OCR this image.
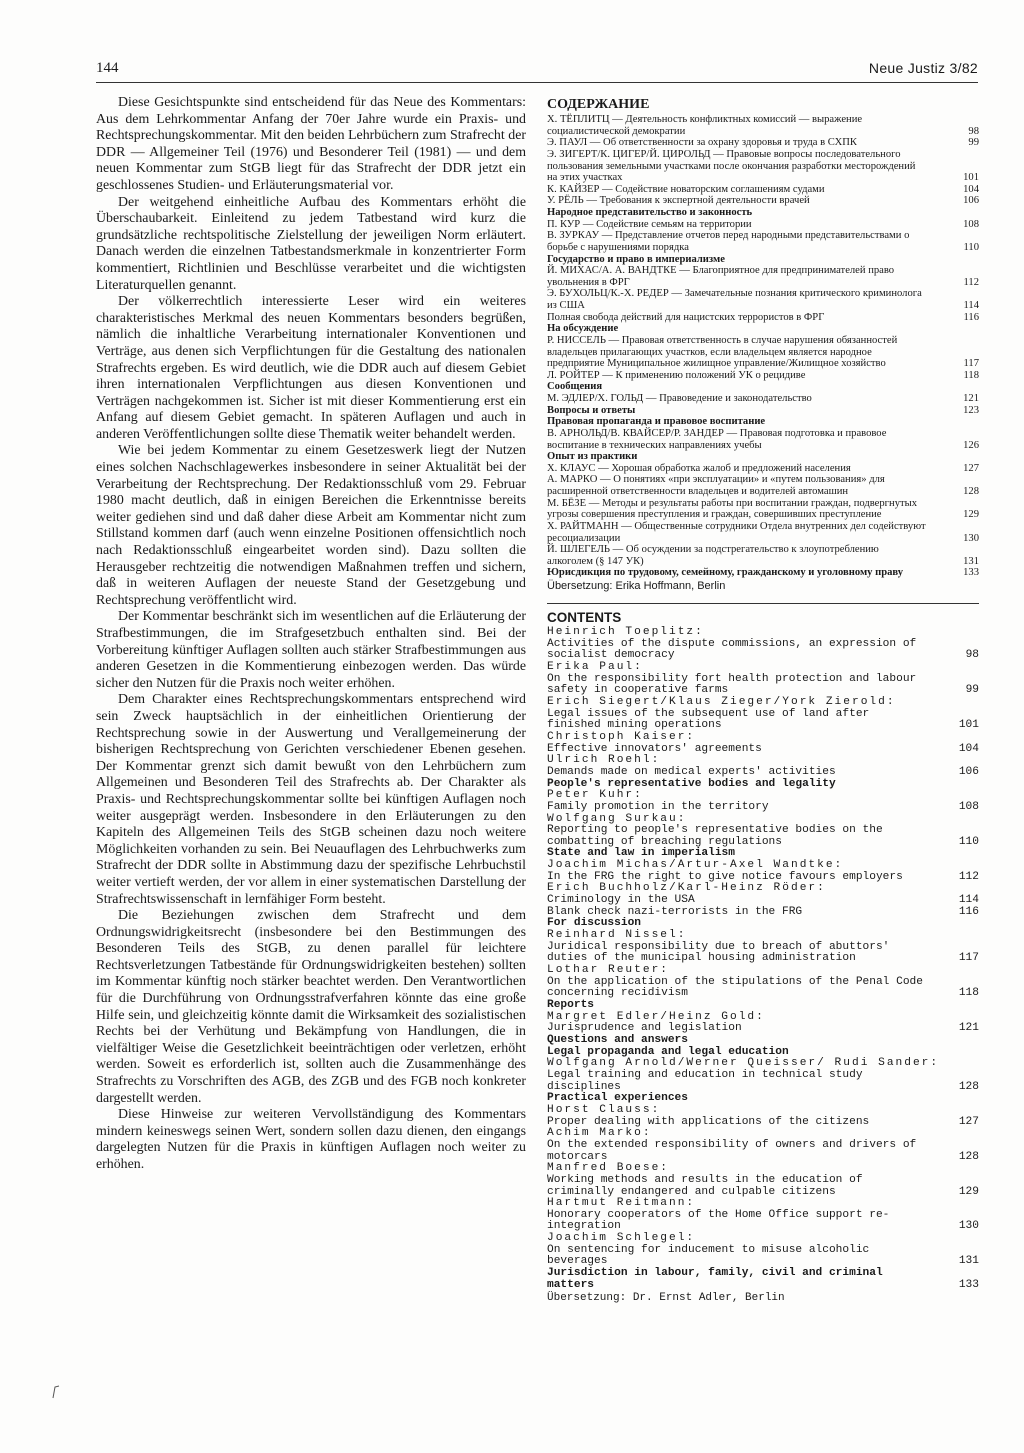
144	Neue Justiz 3/82

Diese Gesichtspunkte sind entscheidend für das Neue des Kommentars: Aus dem Lehrkommentar Anfang der 70er Jahre wurde ein Praxis- und Rechtsprechungskommentar. Mit den beiden Lehrbüchern zum Strafrecht der DDR — Allgemeiner Teil (1976) und Besonderer Teil (1981) — und dem neuen Kommentar zum StGB liegt für das Strafrecht der DDR jetzt ein geschlossenes Studien- und Erläuterungsmaterial vor.

Der weitgehend einheitliche Aufbau des Kommentars erhöht die Überschaubarkeit. Einleitend zu jedem Tatbestand wird kurz die grundsätzliche rechtspolitische Zielstellung der jeweiligen Norm erläutert. Danach werden die einzelnen Tatbestandsmerkmale in konzentrierter Form kommentiert, Richtlinien und Beschlüsse verarbeitet und die wichtigsten Literaturquellen genannt.

Der völkerrechtlich interessierte Leser wird ein weiteres charakteristisches Merkmal des neuen Kommentars besonders begrüßen, nämlich die inhaltliche Verarbeitung internationaler Konventionen und Verträge, aus denen sich Verpflichtungen für die Gestaltung des nationalen Strafrechts ergeben. Es wird deutlich, wie die DDR auch auf diesem Gebiet ihren internationalen Verpflichtungen aus diesen Konventionen und Verträgen nachgekommen ist. Sicher ist mit dieser Kommentierung erst ein Anfang auf diesem Gebiet gemacht. In späteren Auflagen und auch in anderen Veröffentlichungen sollte diese Thematik weiter behandelt werden.

Wie bei jedem Kommentar zu einem Gesetzeswerk liegt der Nutzen eines solchen Nachschlagewerkes insbesondere in seiner Aktualität bei der Verarbeitung der Rechtsprechung. Der Redaktionsschluß vom 29. Februar 1980 macht deutlich, daß in einigen Bereichen die Erkenntnisse bereits weiter gediehen sind und daß daher diese Arbeit am Kommentar nicht zum Stillstand kommen darf (auch wenn einzelne Positionen offensichtlich noch nach Redaktionsschluß eingearbeitet worden sind). Dazu sollten die Herausgeber rechtzeitig die notwendigen Maßnahmen treffen und sichern, daß in weiteren Auflagen der neueste Stand der Gesetzgebung und Rechtsprechung veröffentlicht wird.

Der Kommentar beschränkt sich im wesentlichen auf die Erläuterung der Strafbestimmungen, die im Strafgesetzbuch enthalten sind. Bei der Vorbereitung künftiger Auflagen sollten auch stärker Strafbestimmungen aus anderen Gesetzen in die Kommentierung einbezogen werden. Das würde sicher den Nutzen für die Praxis noch weiter erhöhen.

Dem Charakter eines Rechtsprechungskommentars entsprechend wird sein Zweck hauptsächlich in der einheitlichen Orientierung der Rechtsprechung sowie in der Auswertung und Verallgemeinerung der bisherigen Rechtsprechung von Gerichten verschiedener Ebenen gesehen. Der Kommentar grenzt sich damit bewußt von den Lehrbüchern zum Allgemeinen und Besonderen Teil des Strafrechts ab. Der Charakter als Praxis- und Rechtsprechungskommentar sollte bei künftigen Auflagen noch weiter ausgeprägt werden. Insbesondere in den Erläuterungen zu den Kapiteln des Allgemeinen Teils des StGB scheinen dazu noch weitere Möglichkeiten vorhanden zu sein. Bei Neuauflagen des Lehrbuchwerks zum Strafrecht der DDR sollte in Abstimmung dazu der spezifische Lehrbuchstil weiter vertieft werden, der vor allem in einer systematischen Darstellung der Strafrechtswissenschaft in lernfähiger Form besteht.

Die Beziehungen zwischen dem Strafrecht und dem Ordnungswidrigkeitsrecht (insbesondere bei den Bestimmungen des Besonderen Teils des StGB, zu denen parallel für leichtere Rechtsverletzungen Tatbestände für Ordnungswidrigkeiten bestehen) sollten im Kommentar künftig noch stärker beachtet werden. Den Verantwortlichen für die Durchführung von Ordnungsstrafverfahren könnte das eine große Hilfe sein, und gleichzeitig könnte damit die Wirksamkeit des sozialistischen Rechts bei der Verhütung und Bekämpfung von Handlungen, die in vielfältiger Weise die Gesetzlichkeit beeinträchtigen oder verletzen, erhöht werden. Soweit es erforderlich ist, sollten auch die Zusammenhänge des Strafrechts zu Vorschriften des AGB, des ZGB und des FGB noch konkreter dargestellt werden.

Diese Hinweise zur weiteren Vervollständigung des Kommentars mindern keineswegs seinen Wert, sondern sollen dazu dienen, den eingangs dargelegten Nutzen für die Praxis in künftigen Auflagen noch weiter zu erhöhen.

СОДЕРЖАНИЕ
X. ТЁПЛИТЦ — Деятельность конфликтных комиссий — выражение социалистической демократии	98
Э. ПАУЛ — Об ответственности за охрану здоровья и труда в СХПК	99
Э. ЗИГЕРТ/К. ЦИГЕР/Й. ЦИРОЛЬД — Правовые вопросы последовательного пользования земельными участками после окончания разработки месторождений на этих участках	101
К. КАЙЗЕР — Содействие новаторским соглашениям судами	104
У. РЁЛЬ — Требования к экспертной деятельности врачей	106
Народное представительство и законность
П. КУР — Содействие семьям на территории	108
В. ЗУРКАУ — Представление отчетов перед народными представительствами о борьбе с нарушениями порядка	110
Государство и право в империализме
Й. МИХАС/А. А. ВАНДТКЕ — Благоприятное для предпринимателей право увольнения в ФРГ	112
Э. БУХОЛЬЦ/К.-Х. РЕДЕР — Замечательные познания критического криминолога из США	114
Полная свобода действий для нацистских террористов в ФРГ	116
На обсуждение
Р. НИССЕЛЬ — Правовая ответственность в случае нарушения обязанностей владельцев прилагающих участков, если владельцем является народное предприятие Муниципальное жилищное управление/Жилищное хозяйство	117
Л. РОЙТЕР — К применению положений УК о рецидиве	118
Сообщения
М. ЭДЛЕР/Х. ГОЛЬД — Правоведение и законодательство	121
Вопросы и ответы	123
Правовая пропаганда и правовое воспитание
В. АРНОЛЬД/В. КВАЙСЕР/Р. ЗАНДЕР — Правовая подготовка и правовое воспитание в технических направлениях учебы	126
Опыт из практики
X. КЛАУС — Хорошая обработка жалоб и предложений населения	127
А. МАРКО — О понятиях «при эксплуатации» и «путем пользования» для расширенной ответственности владельцев и водителей автомашин	128
М. БЁЗЕ — Методы и результаты работы при воспитании граждан, подвергнутых угрозы совершения преступления и граждан, совершивших преступление	129
X. РАЙТМАНН — Общественные сотрудники Отдела внутренних дел содействуют ресоциализации	130
Й. ШЛЕГЕЛЬ — Об осуждении за подстрегательство к злоупотреблению алкоголем (§ 147 УК)	131
Юрисдикция по трудовому, семейному, гражданскому и уголовному праву	133
Übersetzung: Erika Hoffmann, Berlin
CONTENTS
Heinrich Toeplitz:
Activities of the dispute commissions, an expression of socialist democracy	98
Erika Paul:
On the responsibility fort health protection and labour safety in cooperative farms	99
Erich Siegert/Klaus Zieger/York Zierold:
Legal issues of the subsequent use of land after finished mining operations	101
Christoph Kaiser:
Effective innovators' agreements	104
Ulrich Roehl:
Demands made on medical experts' activities	106
People's representative bodies and legality
Peter Kuhr:
Family promotion in the territory	108
Wolfgang Surkau:
Reporting to people's representative bodies on the combatting of breaching regulations	110
State and law in imperialism
Joachim Michas/Artur-Axel Wandtke:
In the FRG the right to give notice favours employers	112
Erich Buchholz/Karl-Heinz Röder:
Criminology in the USA	114
Blank check nazi-terrorists in the FRG	116
For discussion
Reinhard Nissel:
Juridical responsibility due to breach of abuttors' duties of the municipal housing administration	117
Lothar Reuter:
On the application of the stipulations of the Penal Code concerning recidivism	118
Reports
Margret Edler/Heinz Gold:
Jurisprudence and legislation	121
Questions and answers
Legal propaganda and legal education
Wolfgang Arnold/Werner Queisser/ Rudi Sander:
Legal training and education in technical study disciplines	128
Practical experiences
Horst Clauss:
Proper dealing with applications of the citizens	127
Achim Marko:
On the extended responsibility of owners and drivers of motorcars	128
Manfred Boese:
Working methods and results in the education of criminally endangered and culpable citizens	129
Hartmut Reitmann:
Honorary cooperators of the Home Office support re-integration	130
Joachim Schlegel:
On sentencing for inducement to misuse alcoholic beverages	131
Jurisdiction in labour, family, civil and criminal matters	133
Übersetzung: Dr. Ernst Adler, Berlin
